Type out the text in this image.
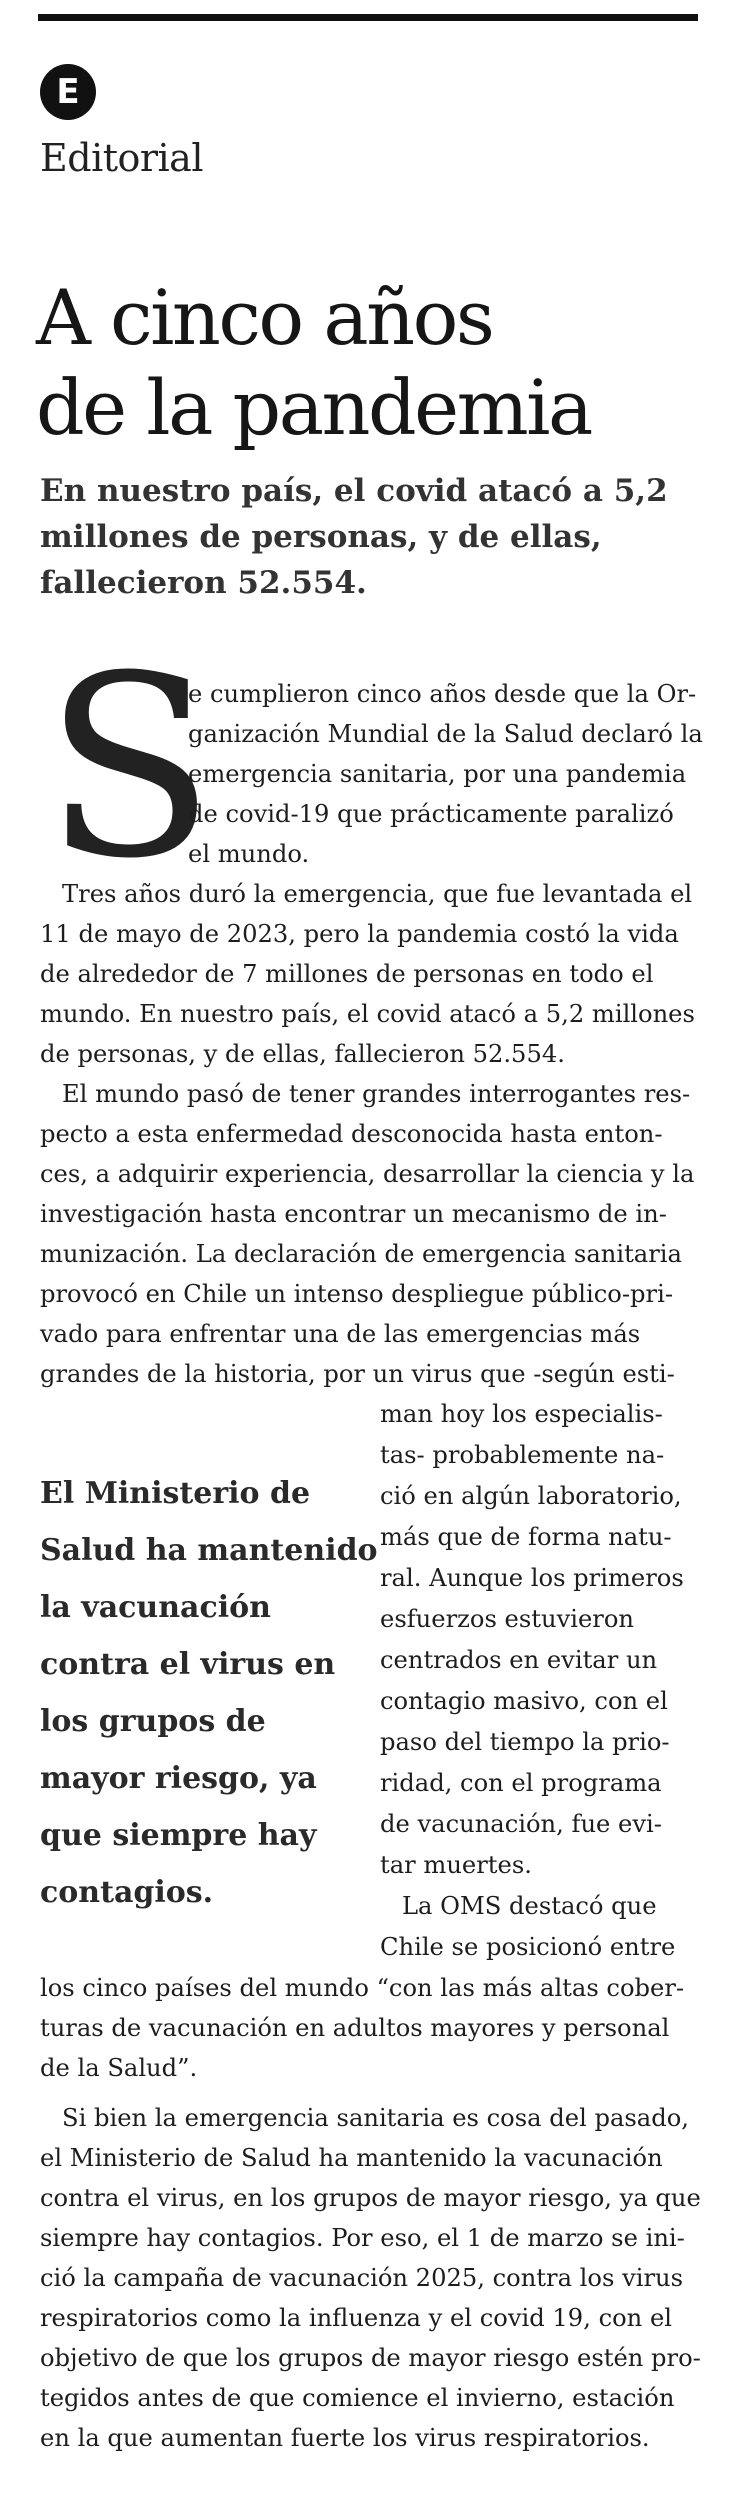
E
Editorial
A cinco años
de la pandemia
En nuestro país, el covid atacó a 5,2
millones de personas, y de ellas,
fallecieron 52.554.
S
El Ministerio de
Salud ha mantenido
la vacunación
contra el virus en
los grupos de
mayor riesgo, ya
que siempre hay
contagios.
e cumplieron cinco años desde que la Or-
ganización Mundial de la Salud declaró la
emergencia sanitaria, por una pandemia
de covid-19 que prácticamente paralizó
el mundo.
Tres años duró la emergencia, que fue levantada el
11 de mayo de 2023, pero la pandemia costó la vida
de alrededor de 7 millones de personas en todo el
mundo. En nuestro país, el covid atacó a 5,2 millones
de personas, y de ellas, fallecieron 52.554.
El mundo pasó de tener grandes interrogantes res-
pecto a esta enfermedad desconocida hasta enton-
ces, a adquirir experiencia, desarrollar la ciencia y la
investigación hasta encontrar un mecanismo de in-
munización. La declaración de emergencia sanitaria
provocó en Chile un intenso despliegue público-pri-
vado para enfrentar una de las emergencias más
grandes de la historia, por un virus que -según esti-
man hoy los especialis-
tas- probablemente na-
ció en algún laboratorio,
más que de forma natu-
ral. Aunque los primeros
esfuerzos estuvieron
centrados en evitar un
contagio masivo, con el
paso del tiempo la prio-
ridad, con el programa
de vacunación, fue evi-
tar muertes.
La OMS destacó que
Chile se posicionó entre
los cinco países del mundo “con las más altas cober-
turas de vacunación en adultos mayores y personal
de la Salud”.
Si bien la emergencia sanitaria es cosa del pasado,
el Ministerio de Salud ha mantenido la vacunación
contra el virus, en los grupos de mayor riesgo, ya que
siempre hay contagios. Por eso, el 1 de marzo se ini-
ció la campaña de vacunación 2025, contra los virus
respiratorios como la influenza y el covid 19, con el
objetivo de que los grupos de mayor riesgo estén pro-
tegidos antes de que comience el invierno, estación
en la que aumentan fuerte los virus respiratorios.
